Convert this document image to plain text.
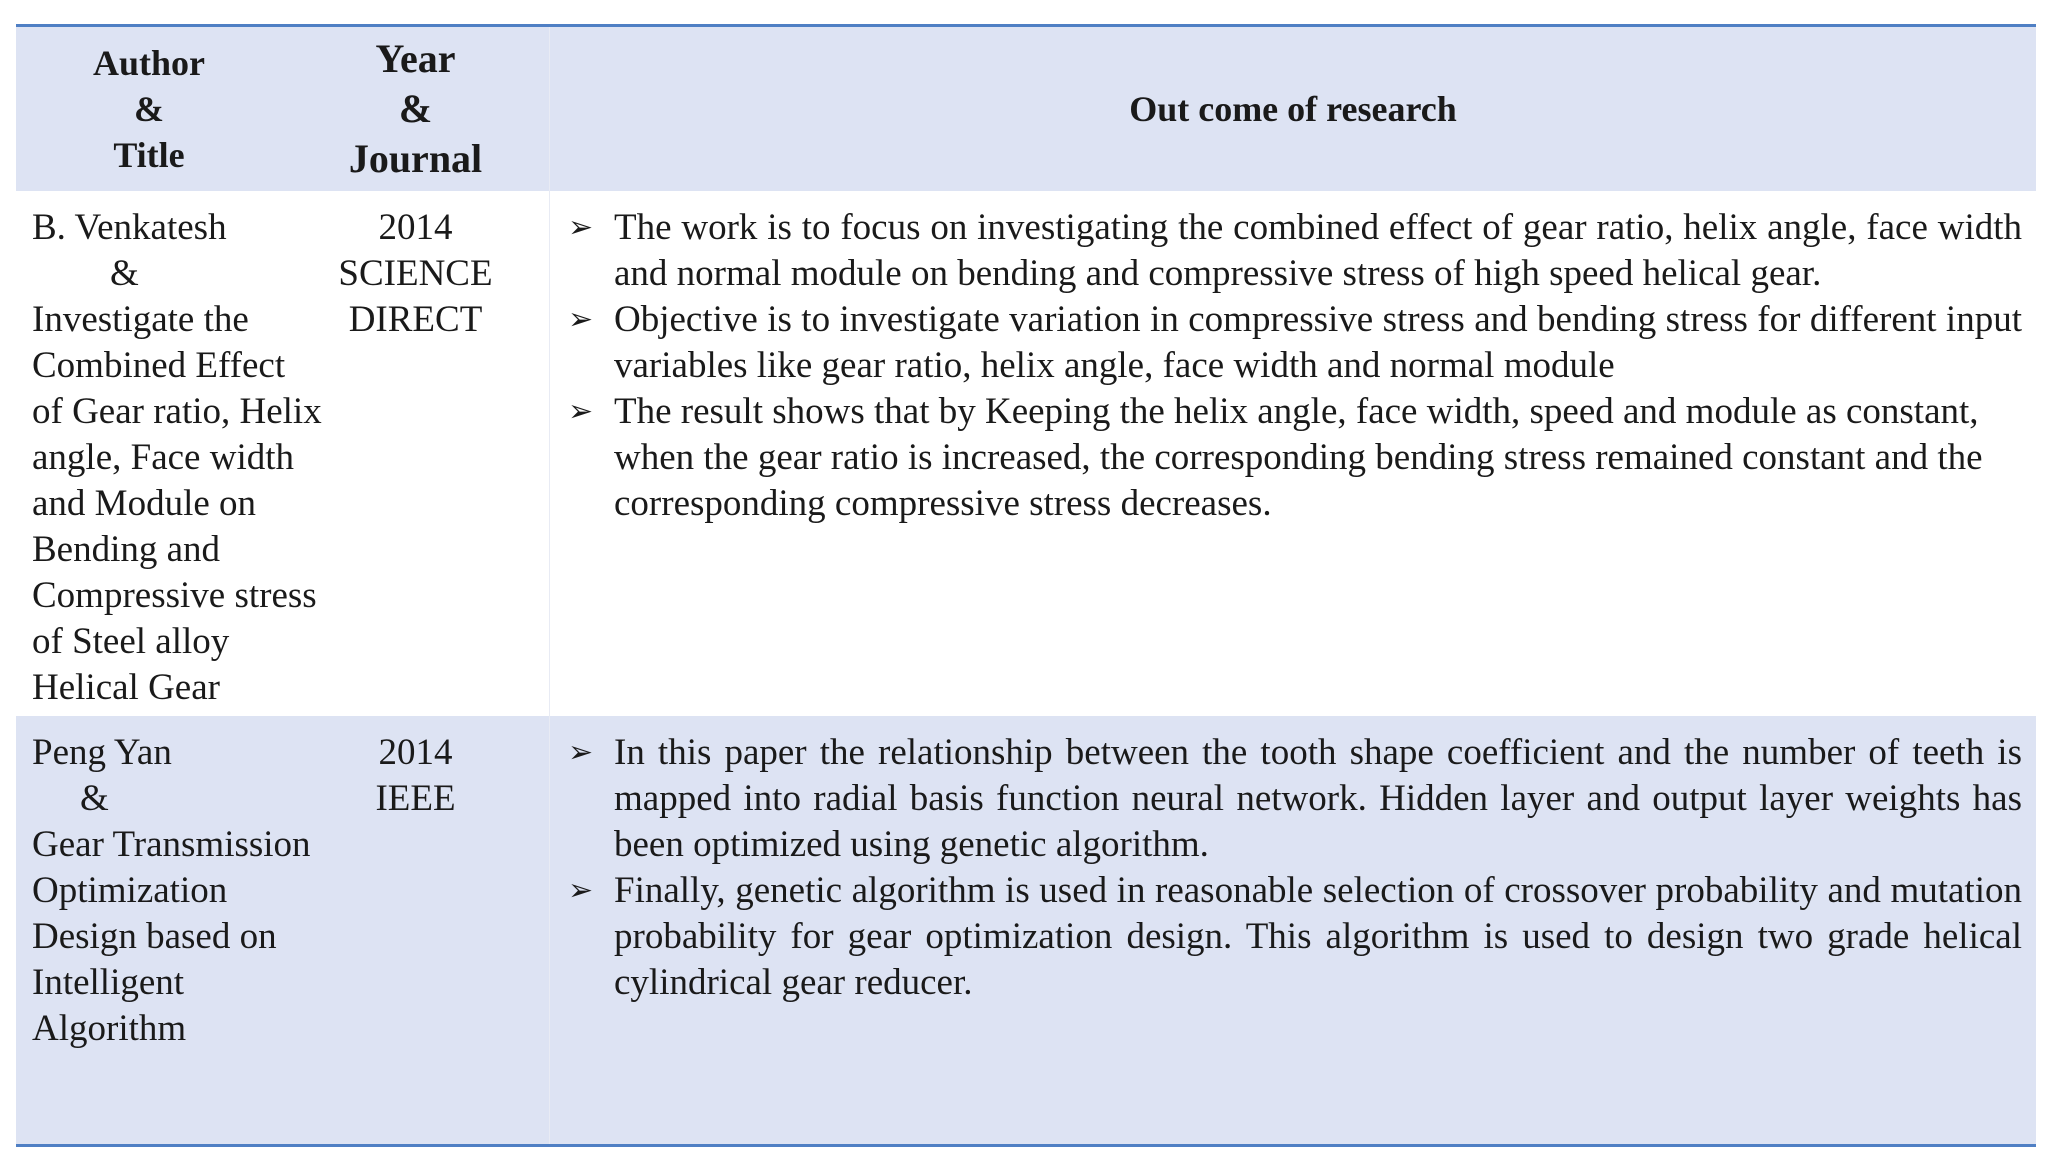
Author
&
Title
Year
&
Journal
Out come of research
B. Venkatesh
&
Investigate the
Combined Effect
of Gear ratio, Helix
angle, Face width
and Module on
Bending and
Compressive stress
of Steel alloy
Helical Gear
2014
SCIENCE
DIRECT
➢ The work is to focus on investigating the combined effect of gear ratio, helix angle, face width and normal module on bending and compressive stress of high speed helical gear.
➢ Objective is to investigate variation in compressive stress and bending stress for different input variables like gear ratio, helix angle, face width and normal module
➢ The result shows that by Keeping the helix angle, face width, speed and module as constant, when the gear ratio is increased, the corresponding bending stress remained constant and the corresponding compressive stress decreases.
Peng Yan
&
Gear Transmission
Optimization
Design based on
Intelligent
Algorithm
2014
IEEE
➢ In this paper the relationship between the tooth shape coefficient and the number of teeth is mapped into radial basis function neural network. Hidden layer and output layer weights has been optimized using genetic algorithm.
➢ Finally, genetic algorithm is used in reasonable selection of crossover probability and mutation probability for gear optimization design. This algorithm is used to design two grade helical cylindrical gear reducer.
